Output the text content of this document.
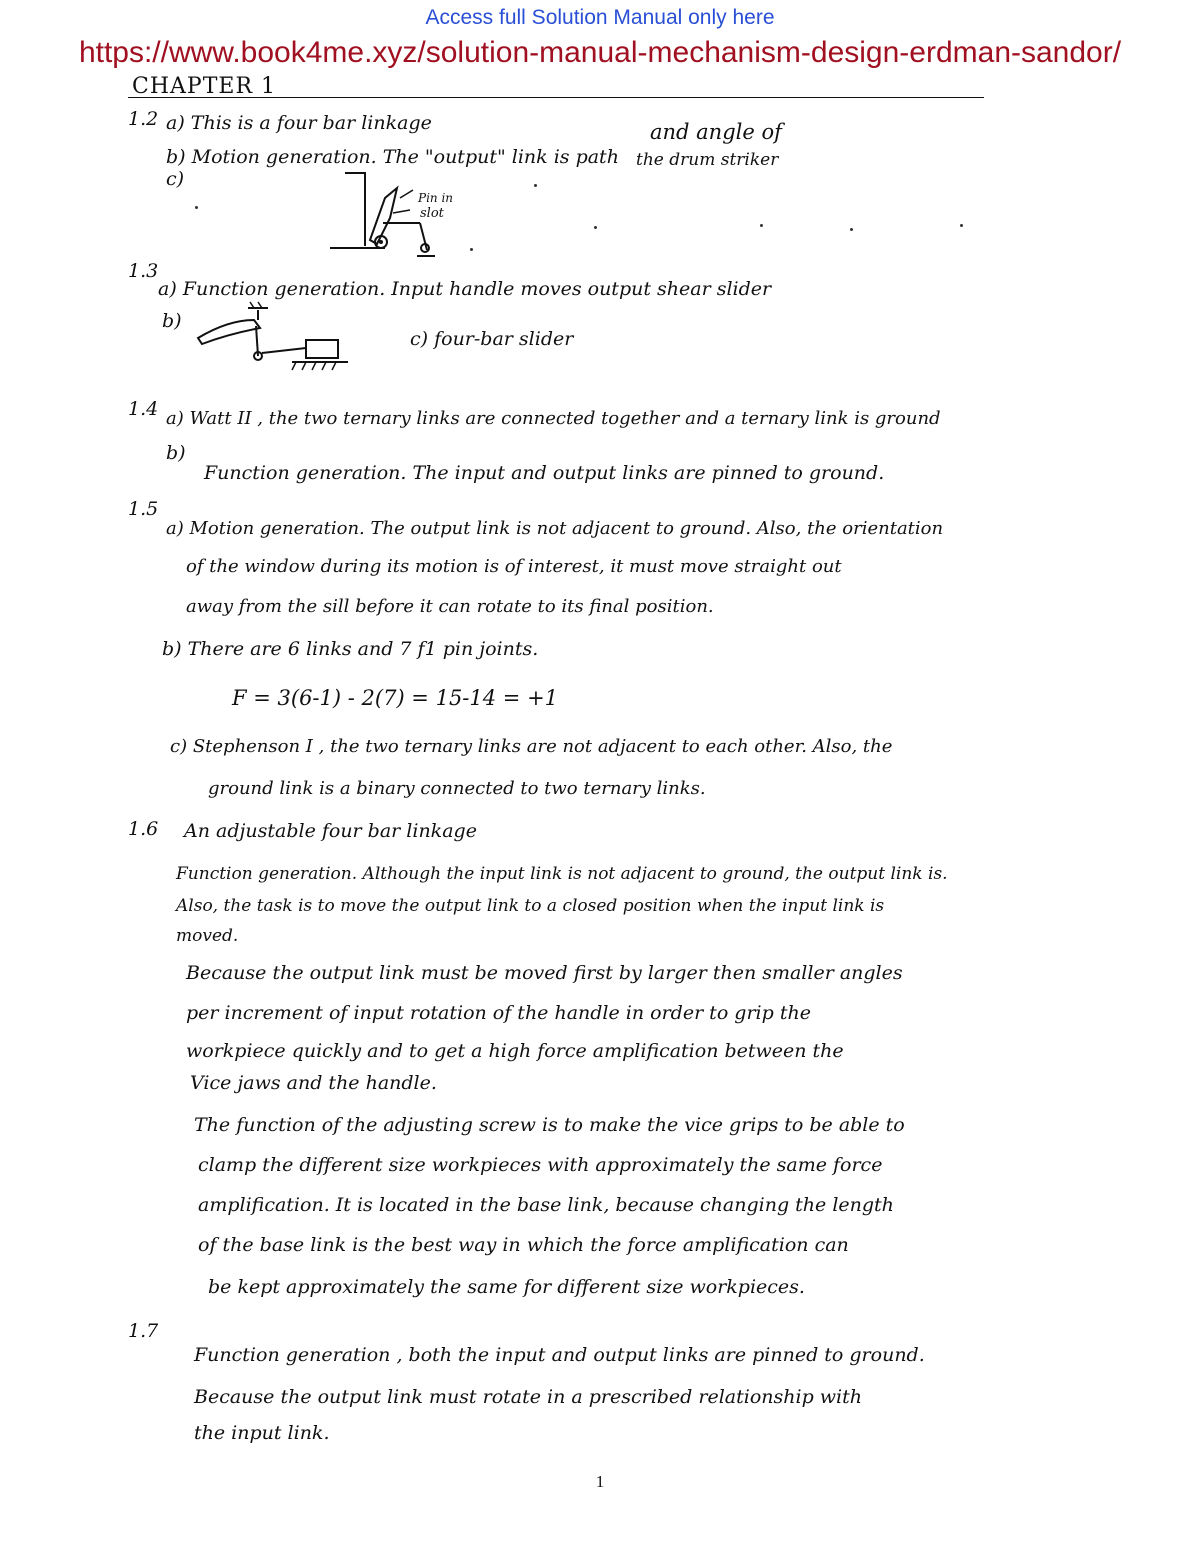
Access full Solution Manual only here
https://www.book4me.xyz/solution-manual-mechanism-design-erdman-sandor/
CHAPTER 1
1.2 a) This is a four bar linkage	and angle of
b) Motion generation. The "output" link is path the drum striker
c)
Pin in
slot
1.3
a) Function generation. Input handle moves output shear slider
b)
c) four-bar slider
1.4 a) Watt II , the two ternary links are connected together and a ternary link is ground
b)
Function generation. The input and output links are pinned to ground.
1.5
a) Motion generation. The output link is not adjacent to ground. Also, the orientation
of the window during its motion is of interest, it must move straight out
away from the sill before it can rotate to its final position.
b) There are 6 links and 7 f1 pin joints.
F = 3(6-1) - 2(7) = 15-14 = +1
c) Stephenson I , the two ternary links are not adjacent to each other. Also, the
ground link is a binary connected to two ternary links.
1.6 An adjustable four bar linkage
Function generation. Although the input link is not adjacent to ground, the output link is.
Also, the task is to move the output link to a closed position when the input link is
moved.
Because the output link must be moved first by larger then smaller angles
per increment of input rotation of the handle in order to grip the
workpiece quickly and to get a high force amplification between the
Vice jaws and the handle.
The function of the adjusting screw is to make the vice grips to be able to
clamp the different size workpieces with approximately the same force
amplification. It is located in the base link, because changing the length
of the base link is the best way in which the force amplification can
be kept approximately the same for different size workpieces.
1.7
Function generation , both the input and output links are pinned to ground.
Because the output link must rotate in a prescribed relationship with
the input link.
1
